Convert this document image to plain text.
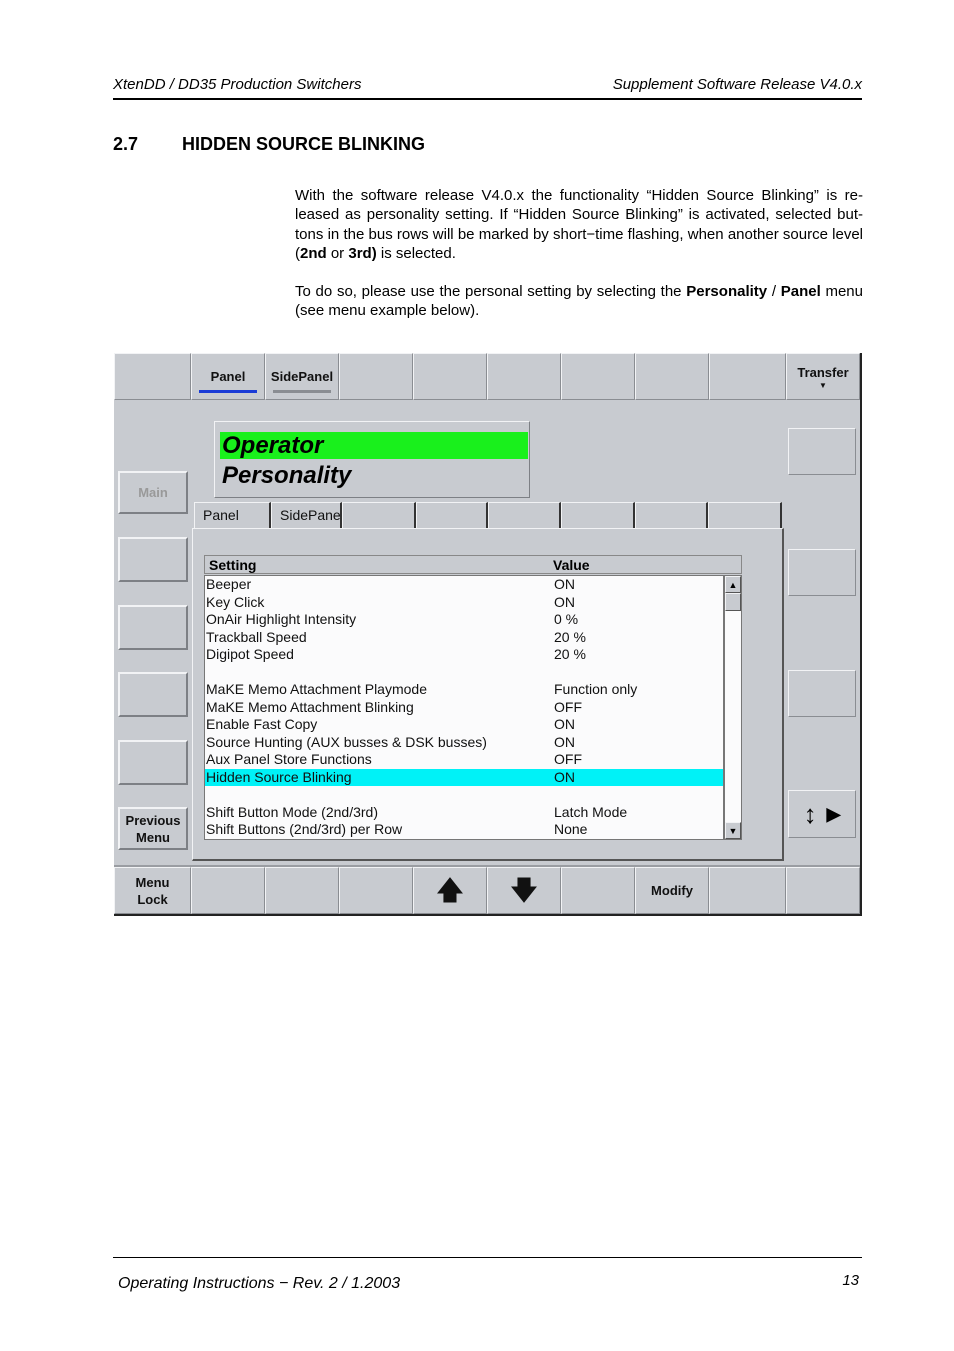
XtenDD / DD35 Production Switchers	Supplement Software Release V4.0.x
2.7 HIDDEN SOURCE BLINKING
With the software release V4.0.x the functionality “Hidden Source Blinking” is re- leased as personality setting. If “Hidden Source Blinking” is activated, selected but- tons in the bus rows will be marked by short−time flashing, when another source level (2nd or 3rd) is selected.
To do so, please use the personal setting by selecting the Personality / Panel menu (see menu example below).
Panel SidePanel	Transfer
▼
Operator
Personality
Main
Previous Menu
↕ ▶
Panel	SidePane
Setting	Value
Beeper	ON
Key Click	ON
OnAir Highlight Intensity	0 %
Trackball Speed	20 %
Digipot Speed	20 %
MaKE Memo Attachment Playmode	Function only
MaKE Memo Attachment Blinking	OFF
Enable Fast Copy	ON
Source Hunting (AUX busses & DSK busses)	ON
Aux Panel Store Functions	OFF
Hidden Source Blinking	ON
Shift Button Mode (2nd/3rd)	Latch Mode
Shift Buttons (2nd/3rd) per Row	None
▲
▼
Menu Lock	🡅 🡇	Modify
Operating Instructions − Rev. 2 / 1.2003	13
